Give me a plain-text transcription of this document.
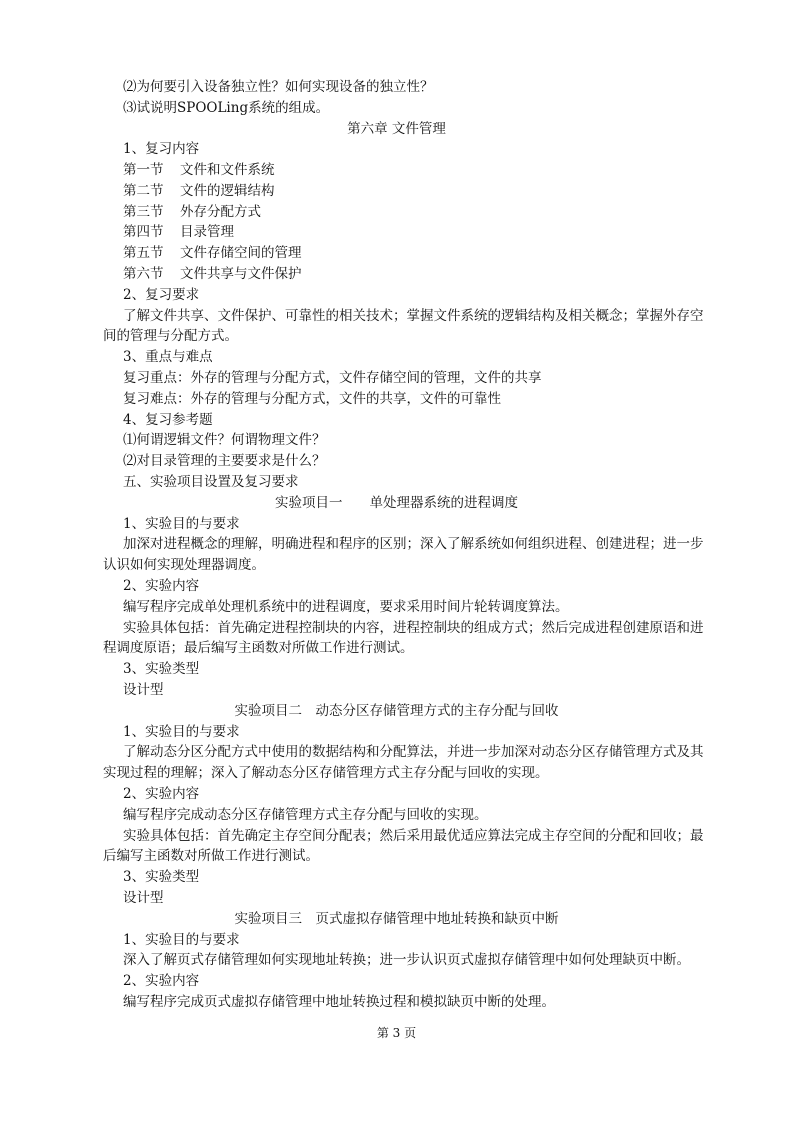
⑵为何要引入设备独立性？如何实现设备的独立性？
⑶试说明SPOOLing系统的组成。
第六章 文件管理
1、复习内容
第一节 文件和文件系统
第二节 文件的逻辑结构
第三节 外存分配方式
第四节 目录管理
第五节 文件存储空间的管理
第六节 文件共享与文件保护
2、复习要求
了解文件共享、文件保护、可靠性的相关技术；掌握文件系统的逻辑结构及相关概念；掌握外存空
间的管理与分配方式。
3、重点与难点
复习重点：外存的管理与分配方式，文件存储空间的管理，文件的共享
复习难点：外存的管理与分配方式，文件的共享，文件的可靠性
4、复习参考题
⑴何谓逻辑文件？何谓物理文件？
⑵对目录管理的主要要求是什么？
五、实验项目设置及复习要求
实验项目一　　单处理器系统的进程调度
1、实验目的与要求
加深对进程概念的理解，明确进程和程序的区别；深入了解系统如何组织进程、创建进程；进一步
认识如何实现处理器调度。
2、实验内容
编写程序完成单处理机系统中的进程调度，要求采用时间片轮转调度算法。
实验具体包括：首先确定进程控制块的内容，进程控制块的组成方式；然后完成进程创建原语和进
程调度原语；最后编写主函数对所做工作进行测试。
3、实验类型
设计型
实验项目二　动态分区存储管理方式的主存分配与回收
1、实验目的与要求
了解动态分区分配方式中使用的数据结构和分配算法，并进一步加深对动态分区存储管理方式及其
实现过程的理解；深入了解动态分区存储管理方式主存分配与回收的实现。
2、实验内容
编写程序完成动态分区存储管理方式主存分配与回收的实现。
实验具体包括：首先确定主存空间分配表；然后采用最优适应算法完成主存空间的分配和回收；最
后编写主函数对所做工作进行测试。
3、实验类型
设计型
实验项目三　页式虚拟存储管理中地址转换和缺页中断
1、实验目的与要求
深入了解页式存储管理如何实现地址转换；进一步认识页式虚拟存储管理中如何处理缺页中断。
2、实验内容
编写程序完成页式虚拟存储管理中地址转换过程和模拟缺页中断的处理。
第 3 页
